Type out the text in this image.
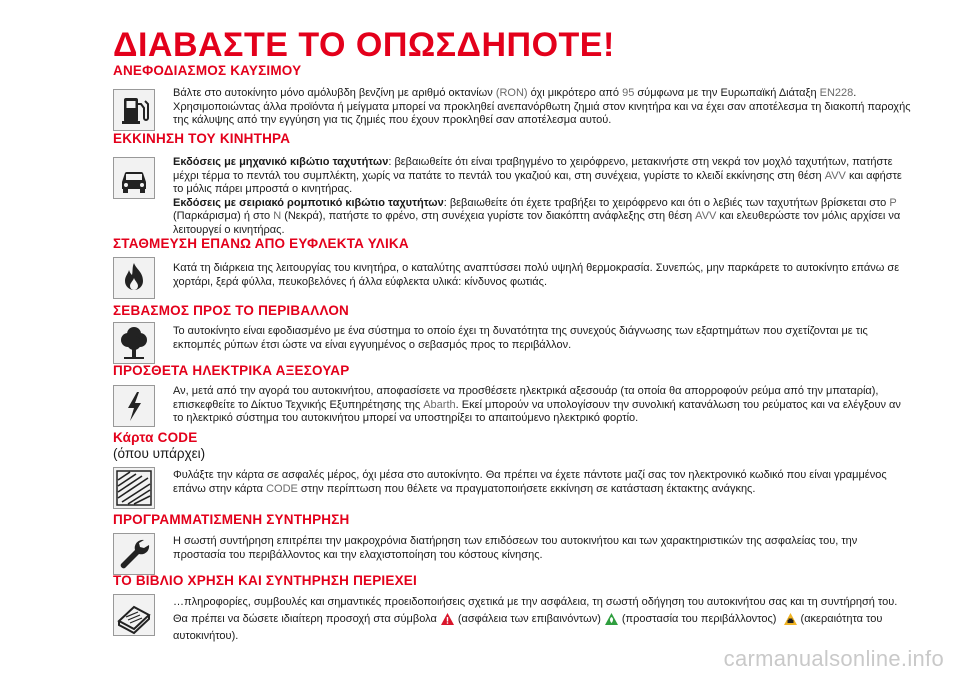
ΔΙΑΒΑΣΤΕ ΤΟ ΟΠΩΣΔΗΠΟΤΕ!
ΑΝΕΦΟΔΙΑΣΜΟΣ ΚΑΥΣΙΜΟΥ

Βάλτε στο αυτοκίνητο μόνο αμόλυβδη βενζίνη με αριθμό οκτανίων (RON) όχι μικρότερο από 95 σύμφωνα με την Ευρωπαϊκή Διάταξη EN228. Χρησιμοποιώντας άλλα προϊόντα ή μείγματα μπορεί να προκληθεί ανεπανόρθωτη ζημιά στον κινητήρα και να έχει σαν αποτέλεσμα τη διακοπή παροχής της κάλυψης από την εγγύηση για τις ζημιές που έχουν προκληθεί σαν αποτέλεσμα αυτού.

ΕΚΚΙΝΗΣΗ ΤΟΥ ΚΙΝΗΤΗΡΑ

Εκδόσεις με μηχανικό κιβώτιο ταχυτήτων: βεβαιωθείτε ότι είναι τραβηγμένο το χειρόφρενο, μετακινήστε στη νεκρά τον μοχλό ταχυτήτων, πατήστε μέχρι τέρμα το πεντάλ του συμπλέκτη, χωρίς να πατάτε το πεντάλ του γκαζιού και, στη συνέχεια, γυρίστε το κλειδί εκκίνησης στη θέση AVV και αφήστε το μόλις πάρει μπροστά ο κινητήρας.
Εκδόσεις με σειριακό ρομποτικό κιβώτιο ταχυτήτων: βεβαιωθείτε ότι έχετε τραβήξει το χειρόφρενο και ότι ο λεβιές των ταχυτήτων βρίσκεται στο P (Παρκάρισμα) ή στο N (Νεκρά), πατήστε το φρένο, στη συνέχεια γυρίστε τον διακόπτη ανάφλεξης στη θέση AVV και ελευθερώστε τον μόλις αρχίσει να λειτουργεί ο κινητήρας.

ΣΤΑΘΜΕΥΣΗ ΕΠΑΝΩ ΑΠΟ ΕΥΦΛΕΚΤΑ ΥΛΙΚΑ

Κατά τη διάρκεια της λειτουργίας του κινητήρα, ο καταλύτης αναπτύσσει πολύ υψηλή θερμοκρασία. Συνεπώς, μην παρκάρετε το αυτοκίνητο επάνω σε χορτάρι, ξερά φύλλα, πευκοβελόνες ή άλλα εύφλεκτα υλικά: κίνδυνος φωτιάς.

ΣΕΒΑΣΜΟΣ ΠΡΟΣ ΤΟ ΠΕΡΙΒΑΛΛΟΝ

Το αυτοκίνητο είναι εφοδιασμένο με ένα σύστημα το οποίο έχει τη δυνατότητα της συνεχούς διάγνωσης των εξαρτημάτων που σχετίζονται με τις εκπομπές ρύπων έτσι ώστε να είναι εγγυημένος ο σεβασμός προς το περιβάλλον.

ΠΡΟΣΘΕΤΑ ΗΛΕΚΤΡΙΚΑ ΑΞΕΣΟΥΑΡ

Αν, μετά από την αγορά του αυτοκινήτου, αποφασίσετε να προσθέσετε ηλεκτρικά αξεσουάρ (τα οποία θα απορροφούν ρεύμα από την μπαταρία), επισκεφθείτε το Δίκτυο Τεχνικής Εξυπηρέτησης της Abarth. Εκεί μπορούν να υπολογίσουν την συνολική κατανάλωση του ρεύματος και να ελέγξουν αν το ηλεκτρικό σύστημα του αυτοκινήτου μπορεί να υποστηρίξει το απαιτούμενο ηλεκτρικό φορτίο.

Κάρτα CODE

(όπου υπάρχει)

Φυλάξτε την κάρτα σε ασφαλές μέρος, όχι μέσα στο αυτοκίνητο. Θα πρέπει να έχετε πάντοτε μαζί σας τον ηλεκτρονικό κωδικό που είναι γραμμένος επάνω στην κάρτα CODE στην περίπτωση που θέλετε να πραγματοποιήσετε εκκίνηση σε κατάσταση έκτακτης ανάγκης.

ΠΡΟΓΡΑΜΜΑΤΙΣΜΕΝΗ ΣΥΝΤΗΡΗΣΗ

Η σωστή συντήρηση επιτρέπει την μακροχρόνια διατήρηση των επιδόσεων του αυτοκινήτου και των χαρακτηριστικών της ασφαλείας του, την προστασία του περιβάλλοντος και την ελαχιστοποίηση του κόστους κίνησης.

ΤΟ ΒΙΒΛΙΟ ΧΡΗΣΗ ΚΑΙ ΣΥΝΤΗΡΗΣΗ ΠΕΡΙΕΧΕΙ

…πληροφορίες, συμβουλές και σημαντικές προειδοποιήσεις σχετικά με την ασφάλεια, τη σωστή οδήγηση του αυτοκινήτου σας και τη συντήρησή του. Θα πρέπει να δώσετε ιδιαίτερη προσοχή στα σύμβολα (ασφάλεια των επιβαινόντων) (προστασία του περιβάλλοντος) (ακεραιότητα του αυτοκινήτου).

carmanualsonline.info
